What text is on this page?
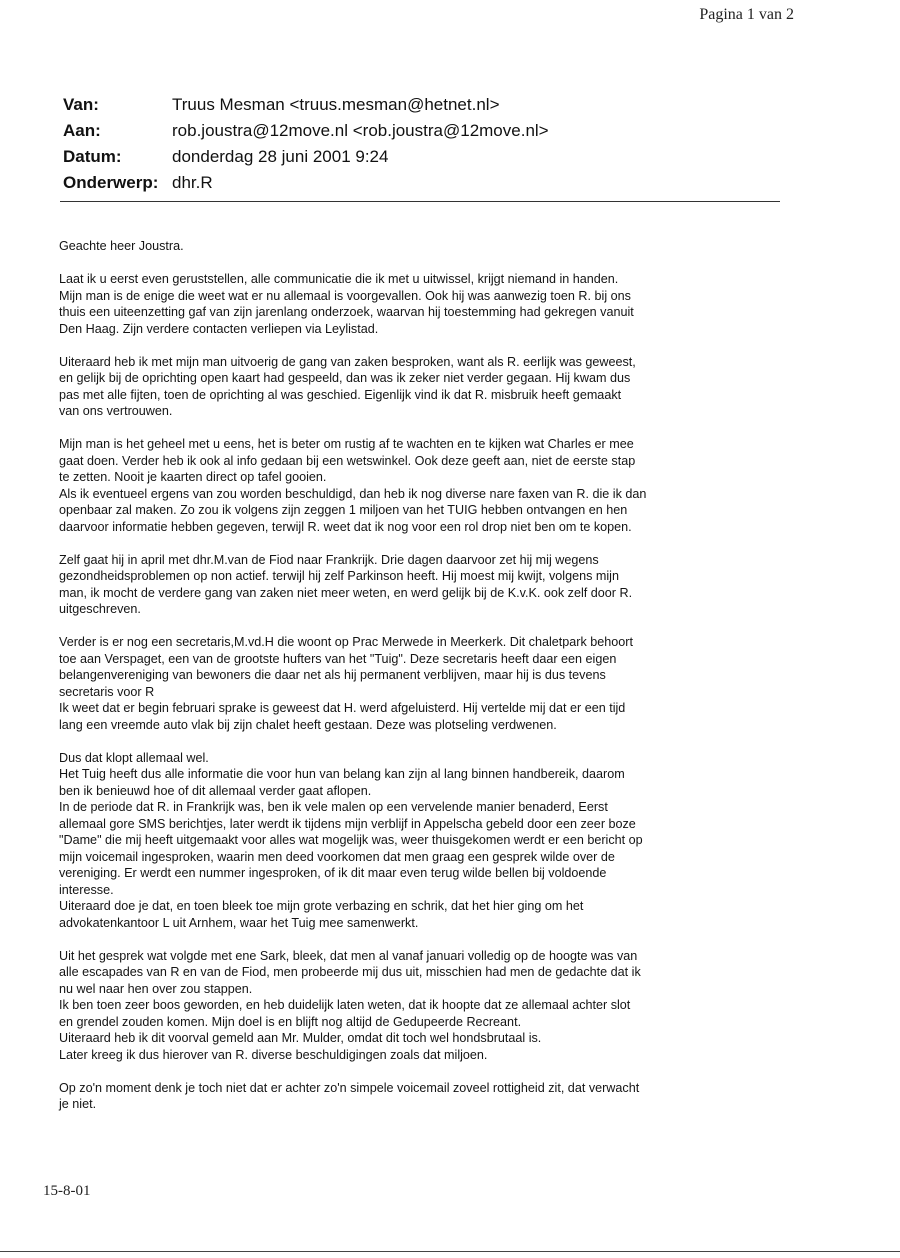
Pagina 1 van 2
Van:	Truus Mesman <truus.mesman@hetnet.nl>
Aan:	rob.joustra@12move.nl <rob.joustra@12move.nl>
Datum:	donderdag 28 juni 2001 9:24
Onderwerp: dhr.R

Geachte heer Joustra.

Laat ik u eerst even geruststellen, alle communicatie die ik met u uitwissel, krijgt niemand in handen.
Mijn man is de enige die weet wat er nu allemaal is voorgevallen. Ook hij was aanwezig toen R. bij ons
thuis een uiteenzetting gaf van zijn jarenlang onderzoek, waarvan hij toestemming had gekregen vanuit
Den Haag. Zijn verdere contacten verliepen via Leylistad.

Uiteraard heb ik met mijn man uitvoerig de gang van zaken besproken, want als R. eerlijk was geweest,
en gelijk bij de oprichting open kaart had gespeeld, dan was ik zeker niet verder gegaan. Hij kwam dus
pas met alle fijten, toen de oprichting al was geschied. Eigenlijk vind ik dat R. misbruik heeft gemaakt
van ons vertrouwen.

Mijn man is het geheel met u eens, het is beter om rustig af te wachten en te kijken wat Charles er mee
gaat doen. Verder heb ik ook al info gedaan bij een wetswinkel. Ook deze geeft aan, niet de eerste stap
te zetten. Nooit je kaarten direct op tafel gooien.
Als ik eventueel ergens van zou worden beschuldigd, dan heb ik nog diverse nare faxen van R. die ik dan
openbaar zal maken. Zo zou ik volgens zijn zeggen 1 miljoen van het TUIG hebben ontvangen en hen
daarvoor informatie hebben gegeven, terwijl R. weet dat ik nog voor een rol drop niet ben om te kopen.

Zelf gaat hij in april met dhr.M.van de Fiod naar Frankrijk. Drie dagen daarvoor zet hij mij wegens
gezondheidsproblemen op non actief. terwijl hij zelf Parkinson heeft. Hij moest mij kwijt, volgens mijn
man, ik mocht de verdere gang van zaken niet meer weten, en werd gelijk bij de K.v.K. ook zelf door R.
uitgeschreven.

Verder is er nog een secretaris,M.vd.H die woont op Prac Merwede in Meerkerk. Dit chaletpark behoort
toe aan Verspaget, een van de grootste hufters van het "Tuig". Deze secretaris heeft daar een eigen
belangenvereniging van bewoners die daar net als hij permanent verblijven, maar hij is dus tevens
secretaris voor R
Ik weet dat er begin februari sprake is geweest dat H. werd afgeluisterd. Hij vertelde mij dat er een tijd
lang een vreemde auto vlak bij zijn chalet heeft gestaan. Deze was plotseling verdwenen.

Dus dat klopt allemaal wel.
Het Tuig heeft dus alle informatie die voor hun van belang kan zijn al lang binnen handbereik, daarom
ben ik benieuwd hoe of dit allemaal verder gaat aflopen.
In de periode dat R. in Frankrijk was, ben ik vele malen op een vervelende manier benaderd, Eerst
allemaal gore SMS berichtjes, later werdt ik tijdens mijn verblijf in Appelscha gebeld door een zeer boze
"Dame" die mij heeft uitgemaakt voor alles wat mogelijk was, weer thuisgekomen werdt er een bericht op
mijn voicemail ingesproken, waarin men deed voorkomen dat men graag een gesprek wilde over de
vereniging. Er werdt een nummer ingesproken, of ik dit maar even terug wilde bellen bij voldoende
interesse.
Uiteraard doe je dat, en toen bleek toe mijn grote verbazing en schrik, dat het hier ging om het
advokatenkantoor L uit Arnhem, waar het Tuig mee samenwerkt.

Uit het gesprek wat volgde met ene Sark, bleek, dat men al vanaf januari volledig op de hoogte was van
alle escapades van R en van de Fiod, men probeerde mij dus uit, misschien had men de gedachte dat ik
nu wel naar hen over zou stappen.
Ik ben toen zeer boos geworden, en heb duidelijk laten weten, dat ik hoopte dat ze allemaal achter slot
en grendel zouden komen. Mijn doel is en blijft nog altijd de Gedupeerde Recreant.
Uiteraard heb ik dit voorval gemeld aan Mr. Mulder, omdat dit toch wel hondsbrutaal is.
Later kreeg ik dus hierover van R. diverse beschuldigingen zoals dat miljoen.

Op zo'n moment denk je toch niet dat er achter zo'n simpele voicemail zoveel rottigheid zit, dat verwacht
je niet.

15-8-01
